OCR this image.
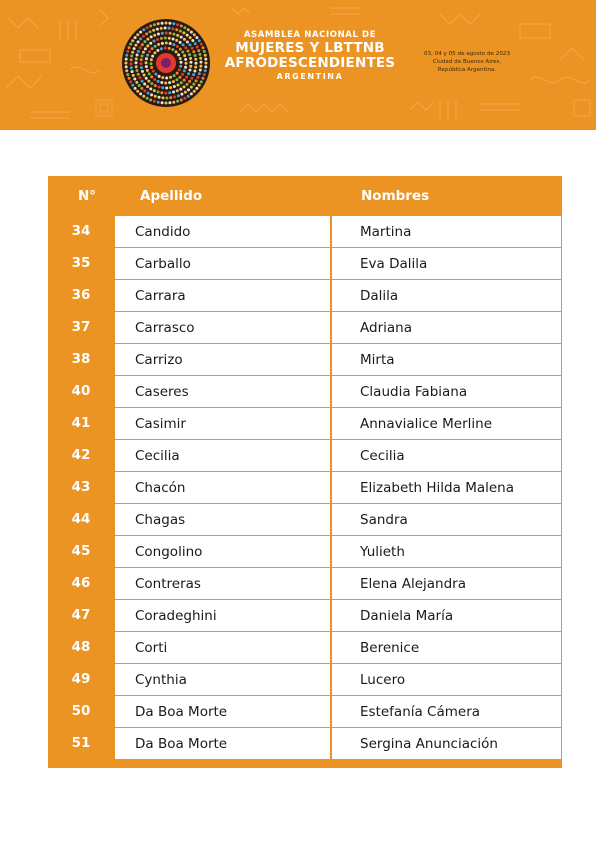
ASAMBLEA NACIONAL DE
MUJERES Y LBTTNB
AFRODESCENDIENTES
ARGENTINA
03, 04 y 05 de agosto de 2023
Ciudad de Buenos Aires,
República Argentina.
N°	Apellido	Nombres
34	Candido	Martina
35	Carballo	Eva Dalila
36	Carrara	Dalila
37	Carrasco	Adriana
38	Carrizo	Mirta
40	Caseres	Claudia Fabiana
41	Casimir	Annavialice Merline
42	Cecilia	Cecilia
43	Chacón	Elizabeth Hilda Malena
44	Chagas	Sandra
45	Congolino	Yulieth
46	Contreras	Elena Alejandra
47	Coradeghini	Daniela María
48	Corti	Berenice
49	Cynthia	Lucero
50	Da Boa Morte	Estefanía Cámera
51	Da Boa Morte	Sergina Anunciación
